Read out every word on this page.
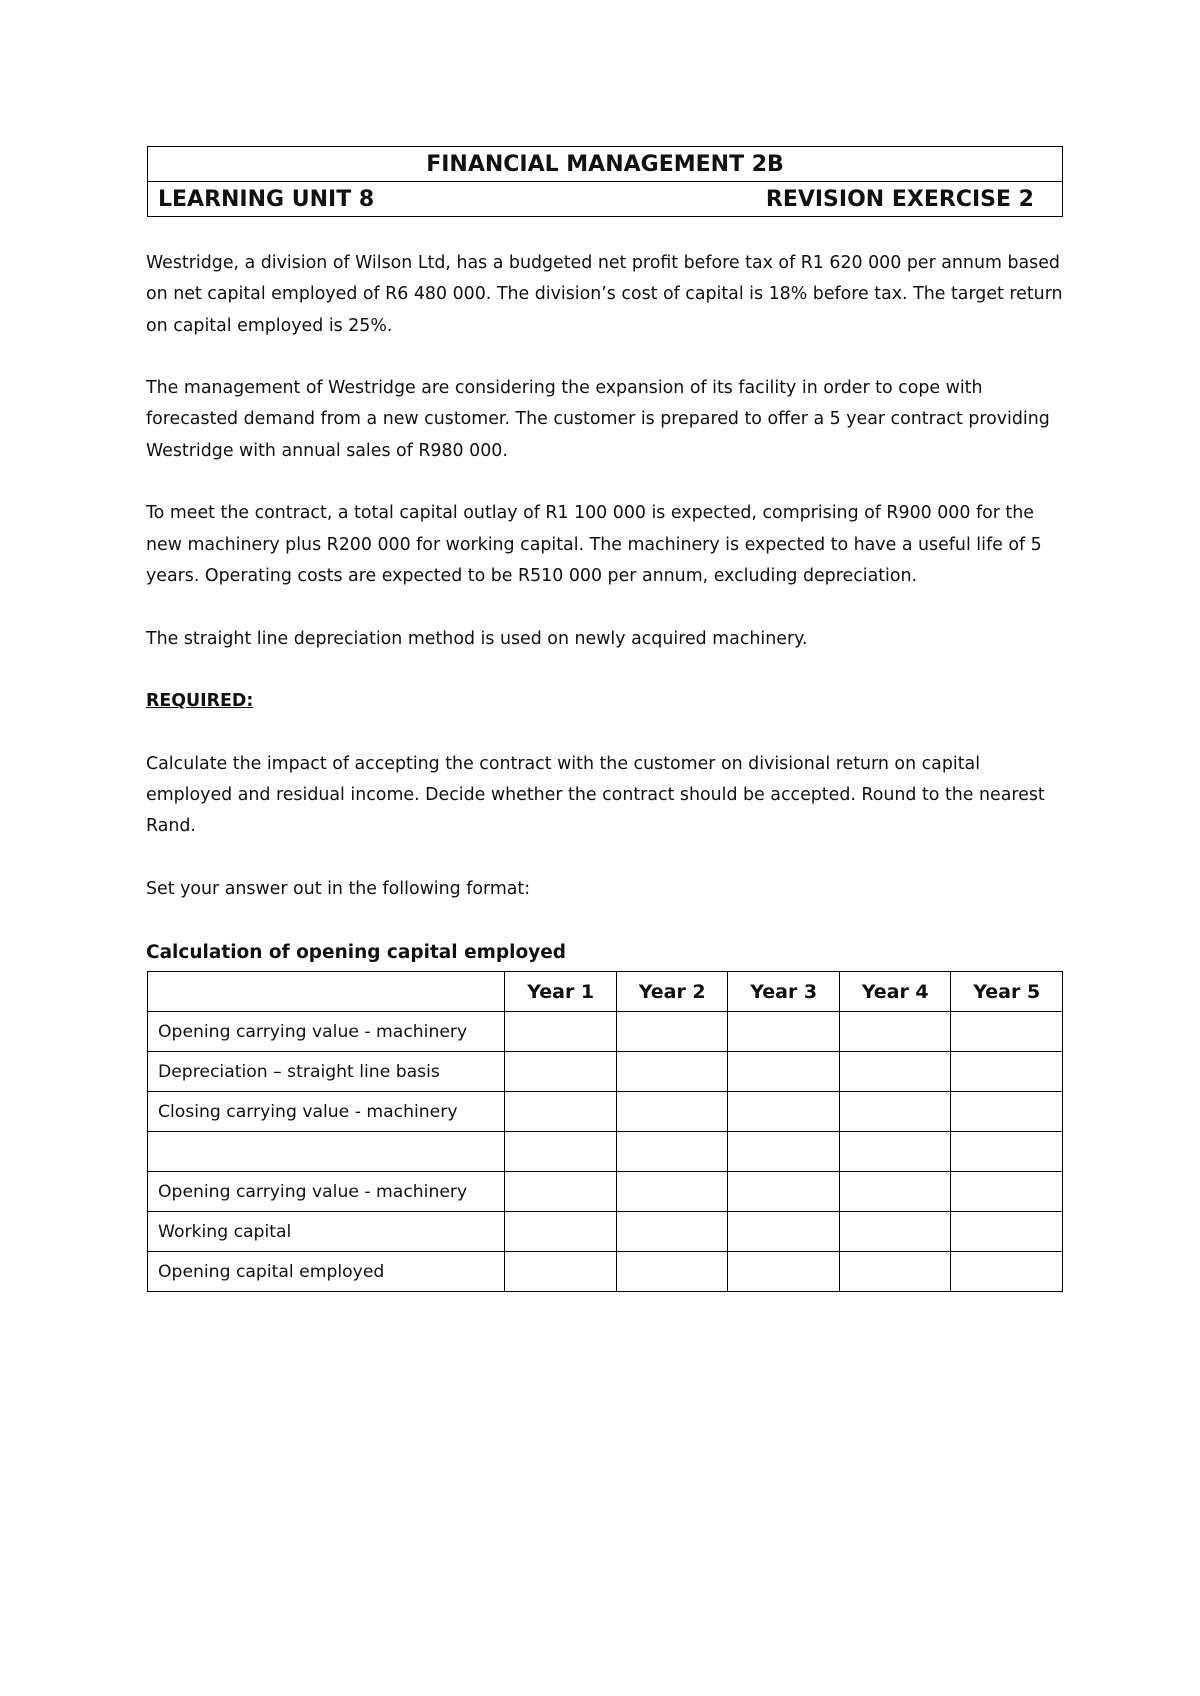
FINANCIAL MANAGEMENT 2B

LEARNING UNIT 8	REVISION EXERCISE 2

Westridge, a division of Wilson Ltd, has a budgeted net profit before tax of R1 620 000 per annum based on net capital employed of R6 480 000. The division’s cost of capital is 18% before tax. The target return on capital employed is 25%.

The management of Westridge are considering the expansion of its facility in order to cope with forecasted demand from a new customer. The customer is prepared to offer a 5 year contract providing Westridge with annual sales of R980 000.

To meet the contract, a total capital outlay of R1 100 000 is expected, comprising of R900 000 for the new machinery plus R200 000 for working capital. The machinery is expected to have a useful life of 5 years. Operating costs are expected to be R510 000 per annum, excluding depreciation.

The straight line depreciation method is used on newly acquired machinery.

REQUIRED:

Calculate the impact of accepting the contract with the customer on divisional return on capital employed and residual income. Decide whether the contract should be accepted. Round to the nearest Rand.

Set your answer out in the following format:

Calculation of opening capital employed

	Year 1	Year 2	Year 3	Year 4	Year 5
Opening carrying value - machinery					
Depreciation – straight line basis					
Closing carrying value - machinery					

Opening carrying value - machinery					
Working capital					
Opening capital employed					
